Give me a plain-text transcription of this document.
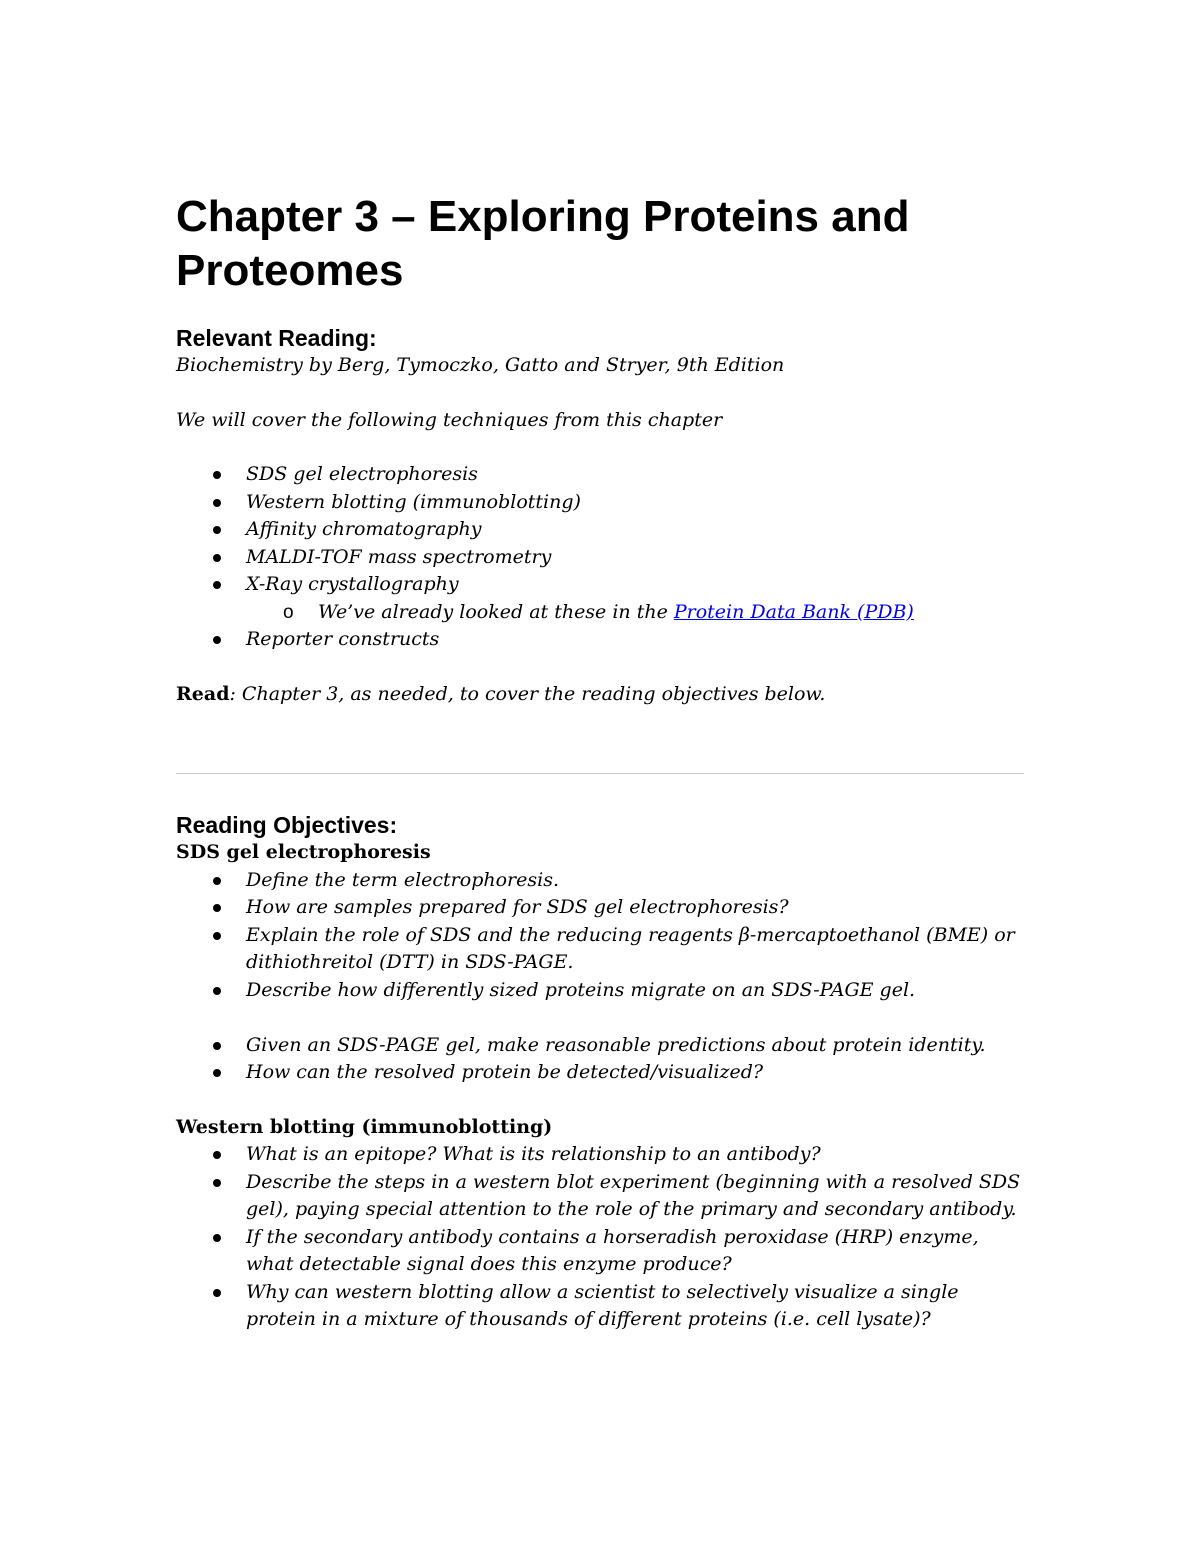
Chapter 3 – Exploring Proteins and
Proteomes
Relevant Reading:

Biochemistry by Berg, Tymoczko, Gatto and Stryer, 9th Edition

We will cover the following techniques from this chapter

SDS gel electrophoresis
Western blotting (immunoblotting)
Affinity chromatography
MALDI-TOF mass spectrometry
X-Ray crystallography
o We’ve already looked at these in the Protein Data Bank (PDB)
Reporter constructs

Read: Chapter 3, as needed, to cover the reading objectives below.

Reading Objectives:
SDS gel electrophoresis
Define the term electrophoresis.
How are samples prepared for SDS gel electrophoresis?
Explain the role of SDS and the reducing reagents β-mercaptoethanol (BME) or dithiothreitol (DTT) in SDS-PAGE.
Describe how differently sized proteins migrate on an SDS-PAGE gel.
Given an SDS-PAGE gel, make reasonable predictions about protein identity.
How can the resolved protein be detected/visualized?
Western blotting (immunoblotting)
What is an epitope? What is its relationship to an antibody?
Describe the steps in a western blot experiment (beginning with a resolved SDS gel), paying special attention to the role of the primary and secondary antibody.
If the secondary antibody contains a horseradish peroxidase (HRP) enzyme, what detectable signal does this enzyme produce?
Why can western blotting allow a scientist to selectively visualize a single protein in a mixture of thousands of different proteins (i.e. cell lysate)?
